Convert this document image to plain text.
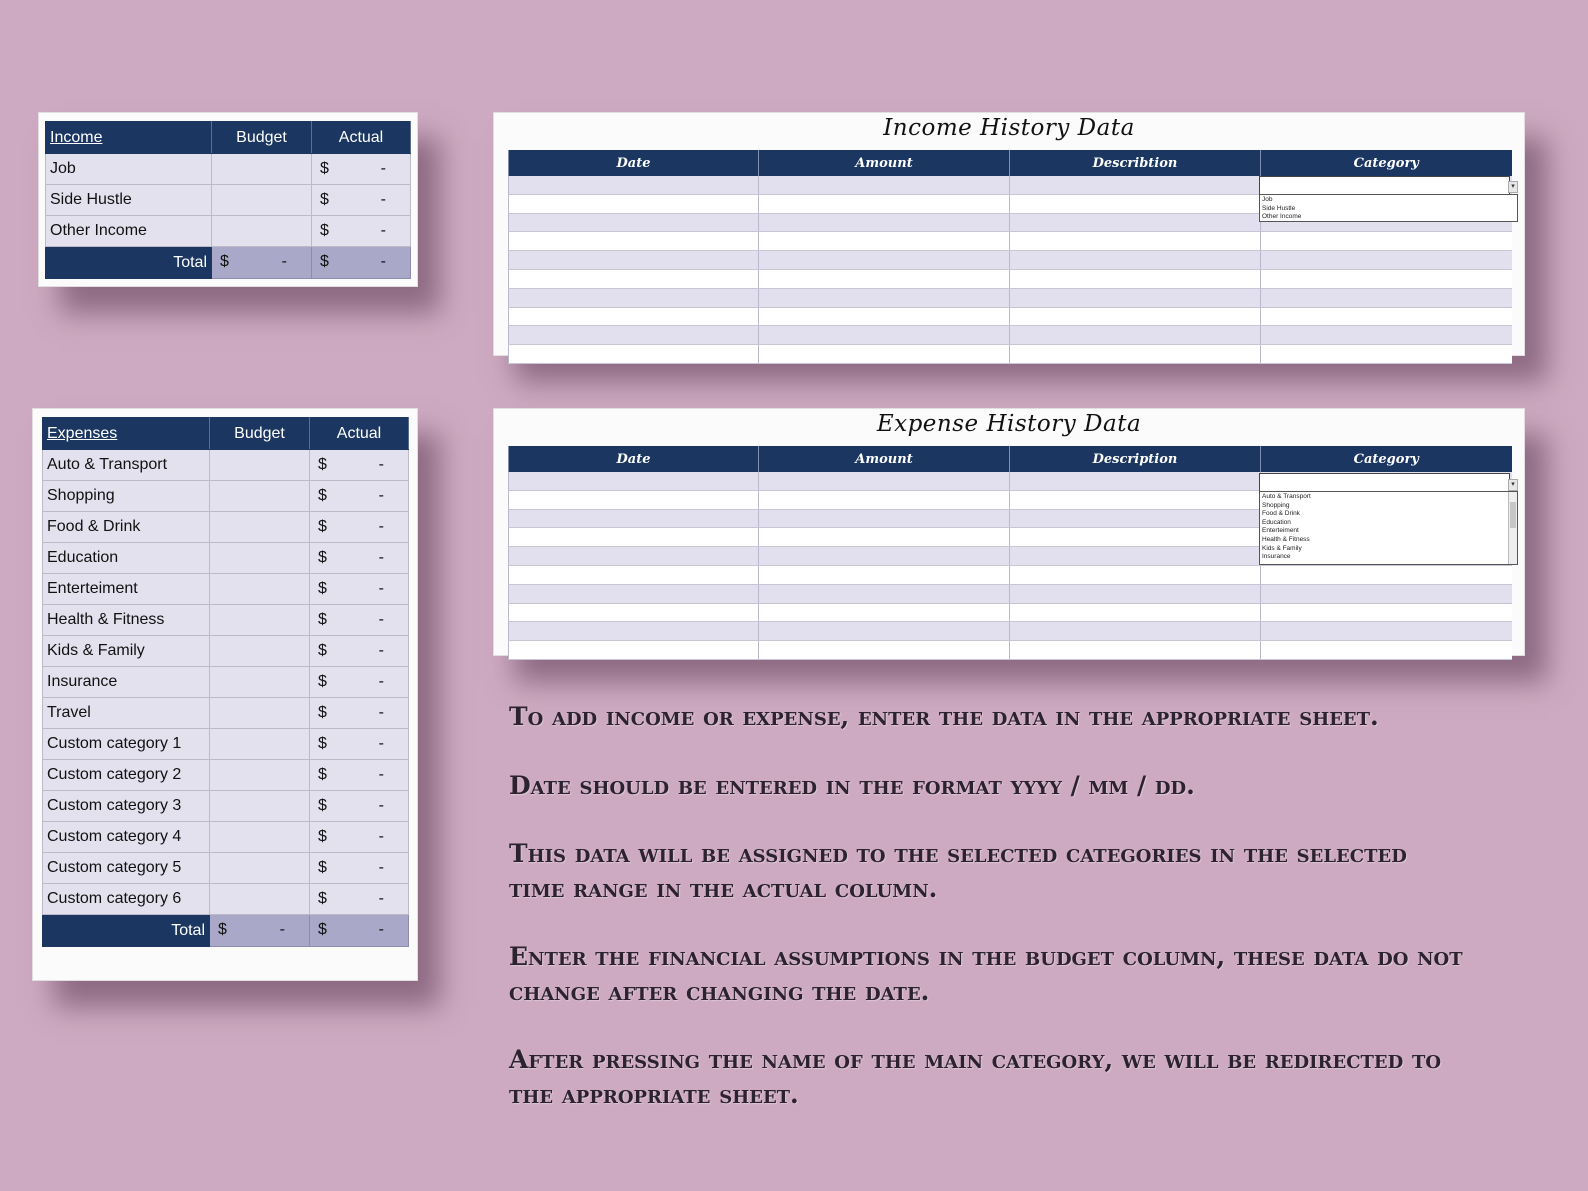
Income	Budget	Actual
Job		$ -

Side Hustle		$ -

Other Income		$ -

Total	$ -	$ -
Expenses	Budget	Actual
Auto & Transport		$ -

Shopping		$ -

Food & Drink		$ -

Education		$ -

Enterteiment		$ -

Health & Fitness		$ -

Kids & Family		$ -

Insurance		$ -

Travel		$ -

Custom category 1		$ -

Custom category 2		$ -

Custom category 3		$ -

Custom category 4		$ -

Custom category 5		$ -

Custom category 6		$ -

Total	$ -	$ -
Income History Data
Date	Amount	Describtion	Category

▾
Job
Side Hustle
Other Income
Expense History Data
Date	Amount	Description	Category

▾
Auto & Transport
Shopping
Food & Drink
Education
Enterteiment
Health & Fitness
Kids & Family
Insurance

To add income or expense, enter the data in the appropriate sheet.

Date should be entered in the format yyyy / mm / dd.

This data will be assigned to the selected categories in the selected time range in the actual column.

Enter the financial assumptions in the budget column, these data do not change after changing the date.

After pressing the name of the main category, we will be redirected to the appropriate sheet.
